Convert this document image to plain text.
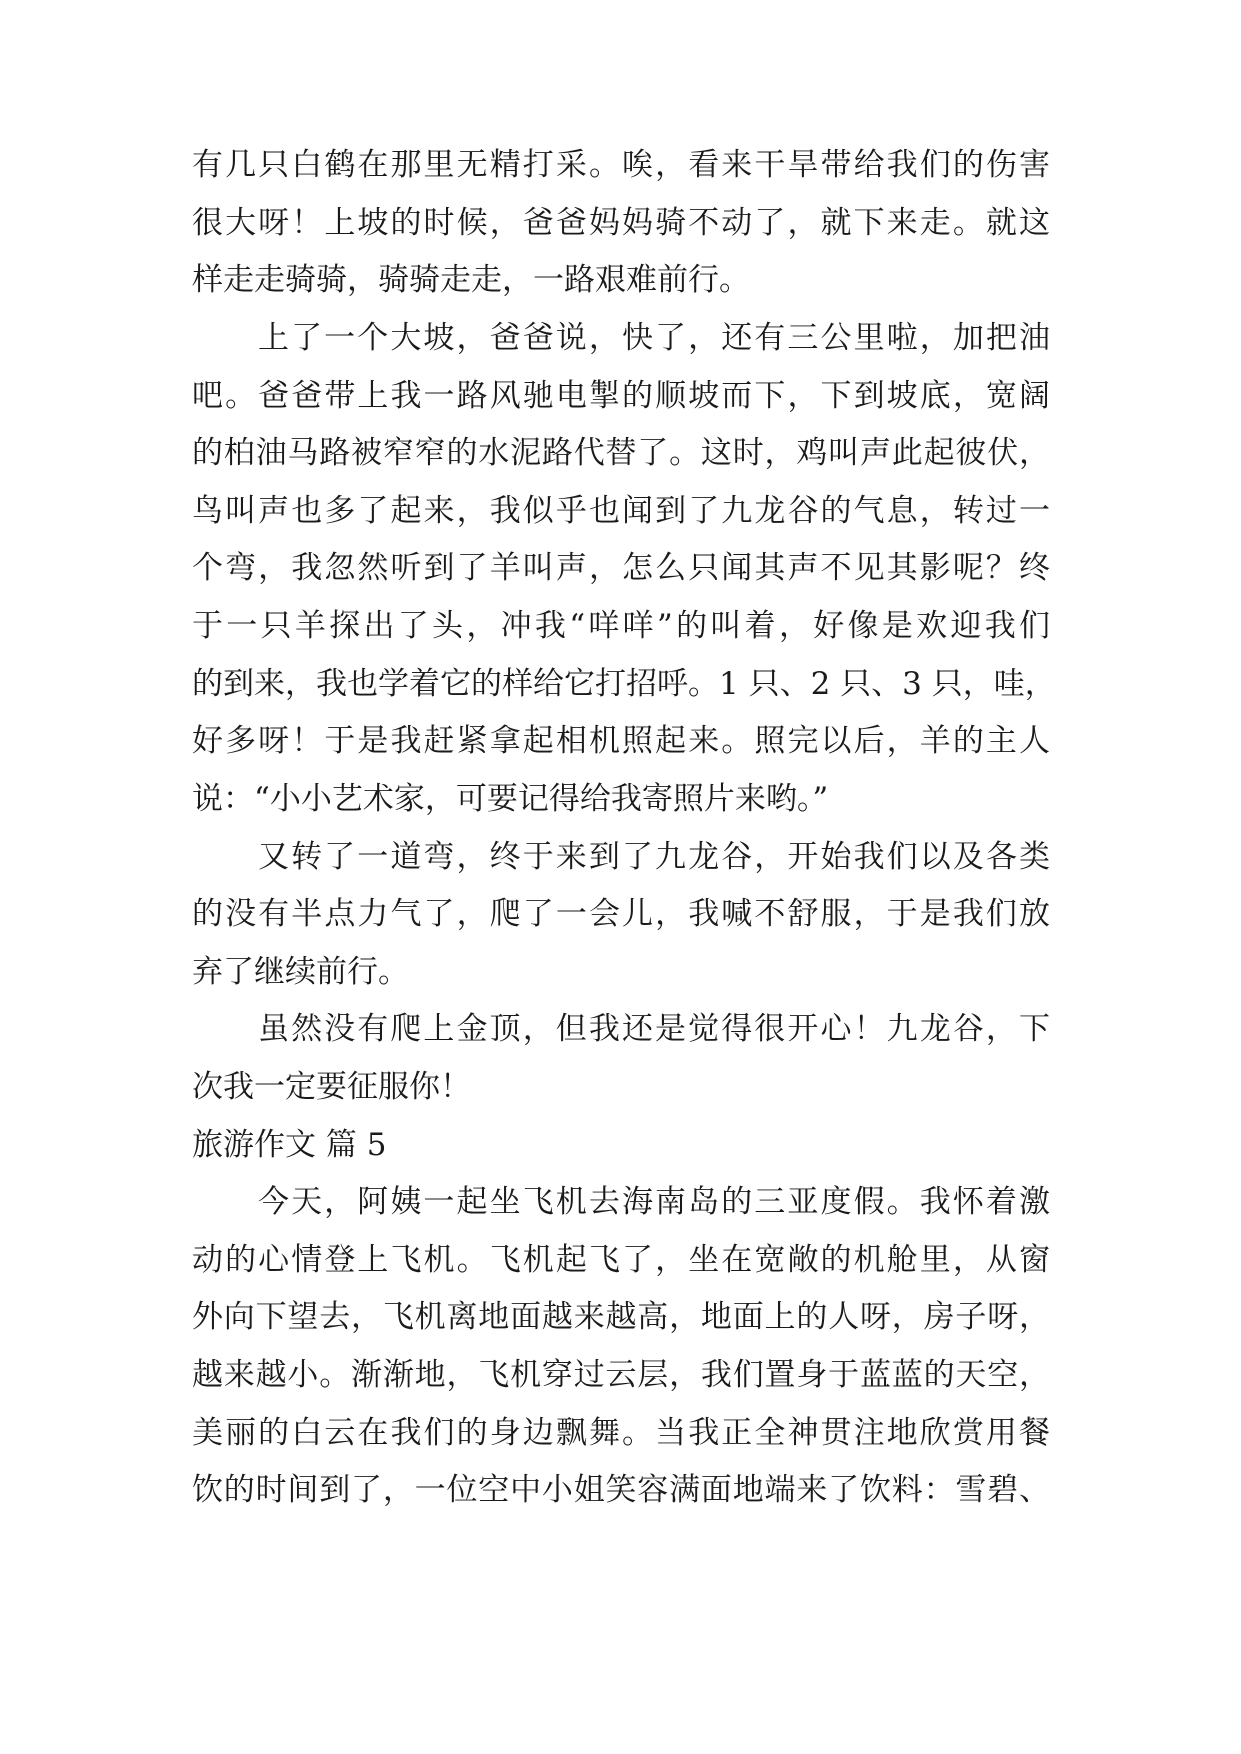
有几只白鹤在那里无精打采。唉，看来干旱带给我们的伤害
很大呀！上坡的时候，爸爸妈妈骑不动了，就下来走。就这
样走走骑骑，骑骑走走，一路艰难前行。
上了一个大坡，爸爸说，快了，还有三公里啦，加把油
吧。爸爸带上我一路风驰电掣的顺坡而下，下到坡底，宽阔
的柏油马路被窄窄的水泥路代替了。这时，鸡叫声此起彼伏，
鸟叫声也多了起来，我似乎也闻到了九龙谷的气息，转过一
个弯，我忽然听到了羊叫声，怎么只闻其声不见其影呢？终
于一只羊探出了头，冲我“咩咩”的叫着，好像是欢迎我们
的到来，我也学着它的样给它打招呼。1 只、2 只、3 只，哇，
好多呀！于是我赶紧拿起相机照起来。照完以后，羊的主人
说：“小小艺术家，可要记得给我寄照片来哟。”
又转了一道弯，终于来到了九龙谷，开始我们以及各类
的没有半点力气了，爬了一会儿，我喊不舒服，于是我们放
弃了继续前行。
虽然没有爬上金顶，但我还是觉得很开心！九龙谷，下
次我一定要征服你！
旅游作文 篇 5
今天，阿姨一起坐飞机去海南岛的三亚度假。我怀着激
动的心情登上飞机。飞机起飞了，坐在宽敞的机舱里，从窗
外向下望去，飞机离地面越来越高，地面上的人呀，房子呀，
越来越小。渐渐地，飞机穿过云层，我们置身于蓝蓝的天空，
美丽的白云在我们的身边飘舞。当我正全神贯注地欣赏用餐
饮的时间到了，一位空中小姐笑容满面地端来了饮料：雪碧、
